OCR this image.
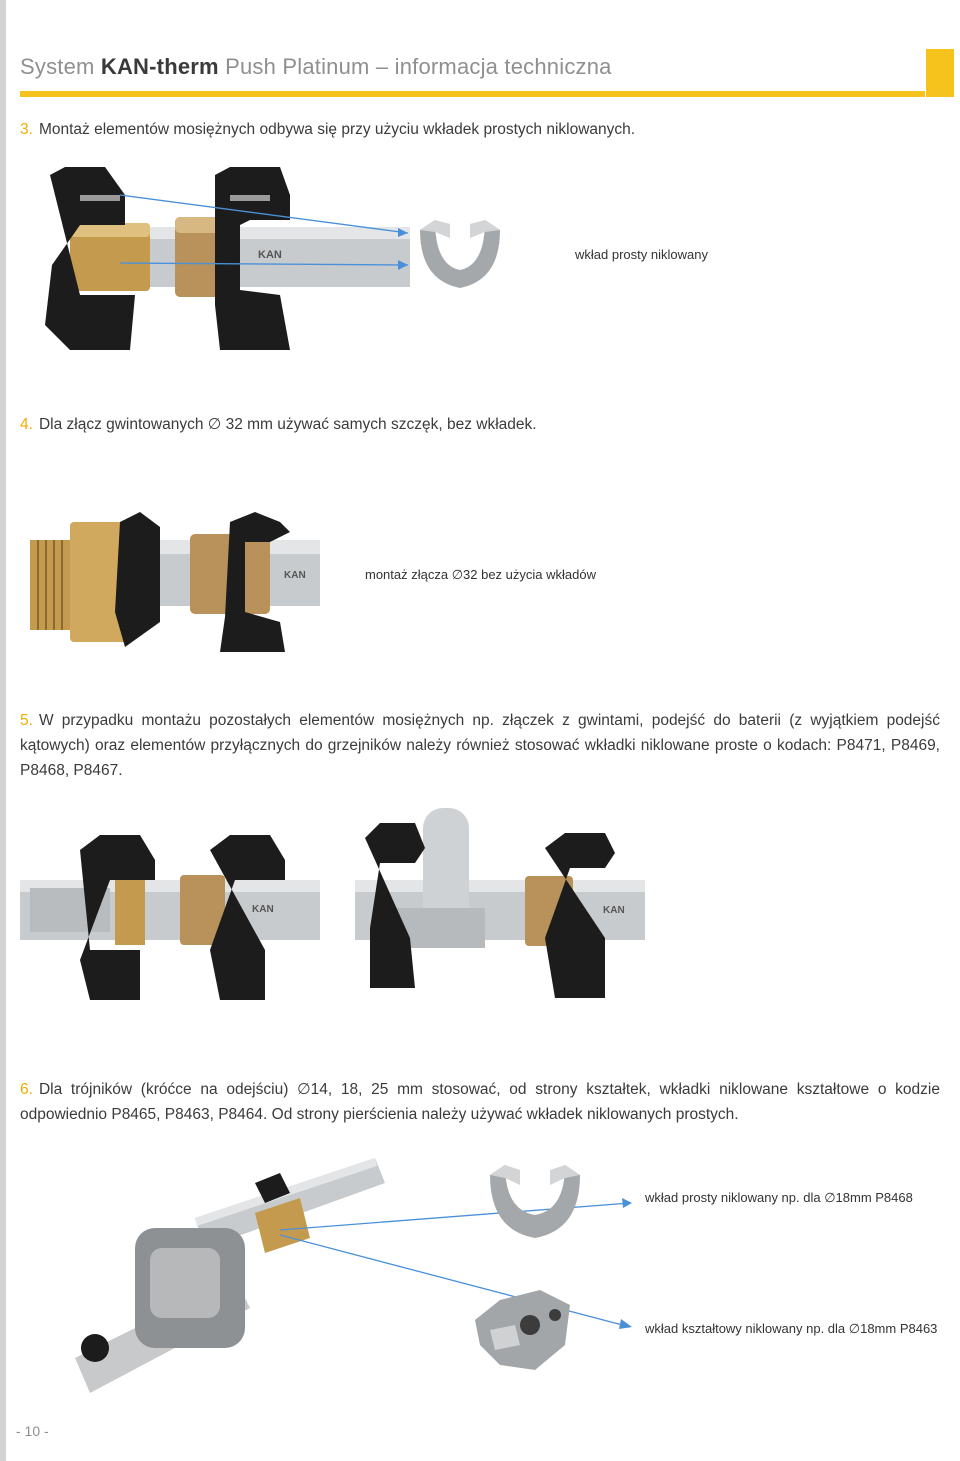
System KAN-therm Push Platinum – informacja techniczna
3. Montaż elementów mosiężnych odbywa się przy użyciu wkładek prostych niklowanych.
KAN	wkład prosty niklowany
4. Dla złącz gwintowanych ∅ 32 mm używać samych szczęk, bez wkładek.
KAN	montaż złącza ∅32 bez użycia wkładów
5. W przypadku montażu pozostałych elementów mosiężnych np. złączek z gwintami, podejść do baterii (z wyjątkiem podejść kątowych) oraz elementów przyłącznych do grzejników należy również stosować wkładki niklowane proste o kodach: P8471, P8469, P8468, P8467.
KAN	KAN
6. Dla trójników (króćce na odejściu) ∅14, 18, 25 mm stosować, od strony kształtek, wkładki niklowane kształtowe o kodzie odpowiednio P8465, P8463, P8464. Od strony pierścienia należy używać wkładek niklowanych prostych.
wkład prosty niklowany np. dla ∅18mm P8468
wkład kształtowy niklowany np. dla ∅18mm P8463
- 10 -
